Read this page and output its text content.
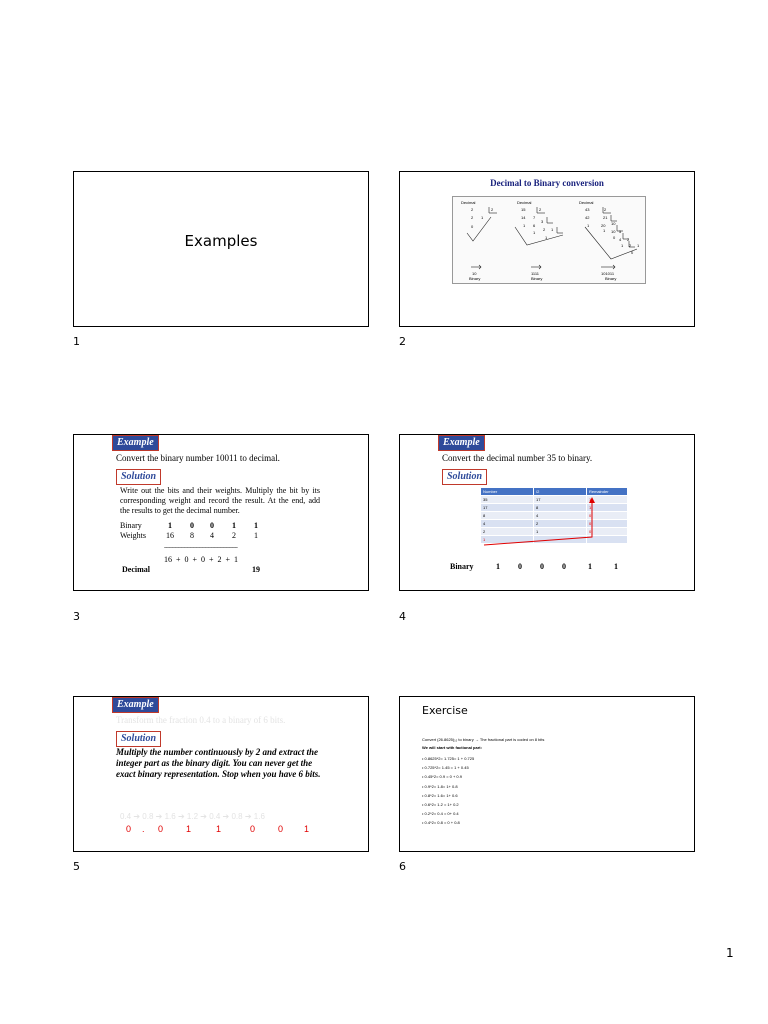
Examples
1
Decimal to Binary conversion
Decimal
2	2
2 1
0
10
Binary
Decimal
15	2
14 7
1 6
3
1
2 1
1
1111
Binary
Decimal
43	2
42	21
1	20 10
1 10 5
0 4 2
1 2 1
0
101011
Binary
2
Example
Convert the binary number 10011 to decimal.
Solution
Write out the bits and their weights. Multiply the bit by its corresponding weight and record the result. At the end, add the results to get the decimal number.
Binary	1 0 0 1 1
Weights 16 8 4 2 1
-------------------------------------------------
16 + 0 + 0 + 2 + 1
Decimal	19
3
Example
Convert the decimal number 35 to binary.
Solution
Number	/2	Remainder
35	17	1
17	8	1
8	4	0
4	2	0
2	1	0
1		
Binary	1 0 0 0	1	1
4
Example
Transform the fraction 0.4 to a binary of 6 bits.
Solution
Multiply the number continuously by 2 and extract the integer part as the binary digit. You can never get the exact binary representation. Stop when you have 6 bits.
0.4 ➔ 0.8 ➔ 1.6 ➔ 1.2 ➔ 0.4 ➔ 0.8 ➔ 1.6
0 . 0	1	1	0	0 1
5
Exercise
Convert (26.8625)₁₀ to binary → The fractional part is coded on 8 bits
We will start with factional part:
• 0.8625*2= 1.725= 1 + 0.725
• 0.725*2= 1.45 = 1 + 0.45
• 0.45*2= 0.9 = 0 + 0.9
• 0.9*2= 1.8= 1+ 0.8
• 0.8*2= 1.6= 1+ 0.6
• 0.6*2= 1.2 = 1+ 0.2
• 0.2*2= 0.4 = 0+ 0.4
• 0.4*2= 0.8 = 0 + 0.8
6
1
